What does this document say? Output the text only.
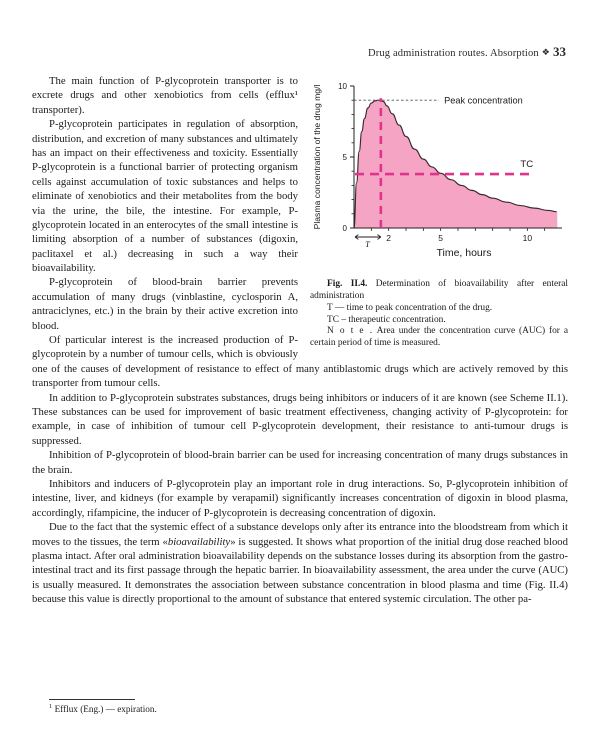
Drug administration routes. Absorption ❖ 33
0
5
10
2	5	10
Time, hours
Plasma concentration of the drug mg/l	Peak concentration
TC
T

Fig. II.4. Determination of bioavailability after enteral administration

T — time to peak concentration of the drug.

TC – therapeutic concentration.

N o t e . Area under the concentration curve (AUC) for a certain period of time is measured.

The main function of P-glycoprotein transporter is to excrete drugs and other xenobiotics from cells (efflux¹ transporter).

P-glycoprotein participates in regulation of absorption, distribution, and excretion of many substances and ultimately has an impact on their effectiveness and toxicity. Essentially P-glycoprotein is a functional barrier of protecting organism cells against accumulation of toxic substances and helps to eliminate of xenobiotics and their metabolites from the body via the urine, the bile, the intestine. For example, P-glycoprotein located in an enterocytes of the small intestine is limiting absorption of a number of substances (digoxin, paclitaxel et al.) decreasing in such a way their bioavailability.

P-glycoprotein of blood-brain barrier prevents accumulation of many drugs (vinblastine, cyclosporin A, antraciclynes, etc.) in the brain by their active excretion into blood.

Of particular interest is the increased production of P-glycoprotein by a number of tumour cells, which is obviously one of the causes of development of resistance to effect of many antiblastomic drugs which are actively removed by this transporter from tumour cells.

In addition to P-glycoprotein substrates substances, drugs being inhibitors or inducers of it are known (see Scheme II.1). These substances can be used for improvement of basic treatment effectiveness, changing activity of P-glycoprotein: for example, in case of inhibition of tumour cell P-glycoprotein development, their resistance to anti-tumour drugs is suppressed.

Inhibition of P-glycoprotein of blood-brain barrier can be used for increasing concentration of many drugs substances in the brain.

Inhibitors and inducers of P-glycoprotein play an important role in drug interactions. So, P-glycoprotein inhibition of intestine, liver, and kidneys (for example by verapamil) significantly increases concentration of digoxin in blood plasma, accordingly, rifampicine, the inducer of P-glycoprotein is decreasing concentration of digoxin.

Due to the fact that the systemic effect of a substance develops only after its entrance into the bloodstream from which it moves to the tissues, the term «bioavailability» is suggested. It shows what proportion of the initial drug dose reached blood plasma intact. After oral administration bioavailability depends on the substance losses during its absorption from the gastro-intestinal tract and its first passage through the hepatic barrier. In bioavailability assessment, the area under the curve (AUC) is usually measured. It demonstrates the association between substance concentration in blood plasma and time (Fig. II.4) because this value is directly proportional to the amount of substance that entered systemic circulation. The other pa-

$^1$ Efflux (Eng.) — expiration.
